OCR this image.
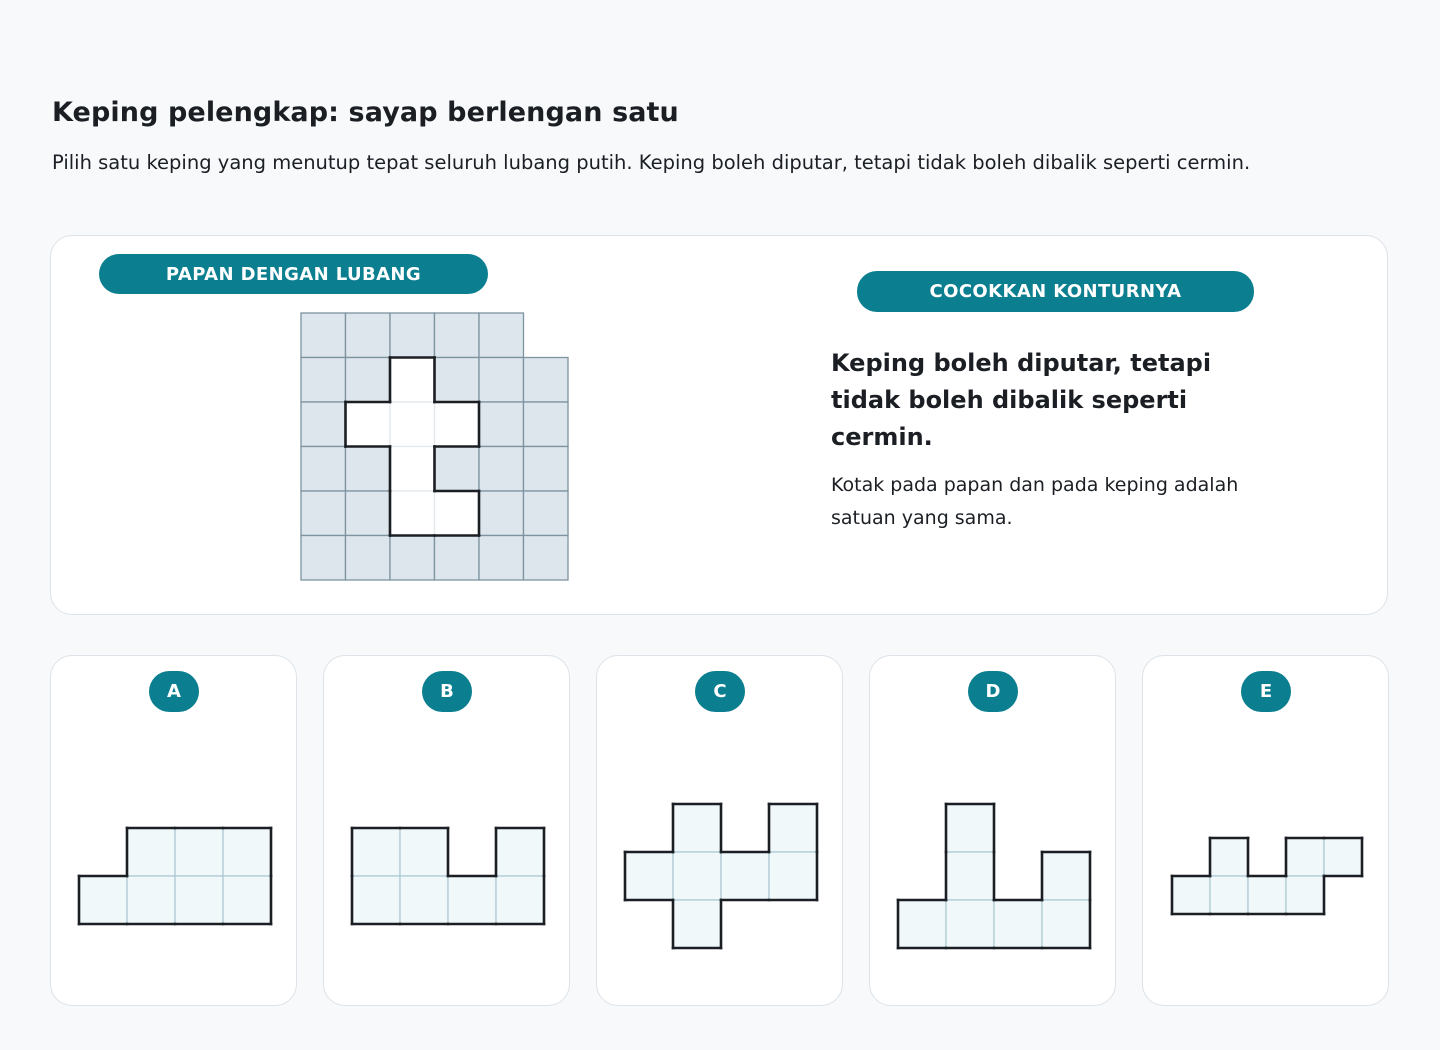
Keping pelengkap: sayap berlengan satu

Pilih satu keping yang menutup tepat seluruh lubang putih. Keping boleh diputar, tetapi tidak boleh dibalik seperti cermin.

PAPAN DENGAN LUBANG
COCOKKAN KONTURNYA

Keping boleh diputar, tetapi tidak boleh dibalik seperti cermin.

Kotak pada papan dan pada keping adalah satuan yang sama.

A	B	C	D	E
